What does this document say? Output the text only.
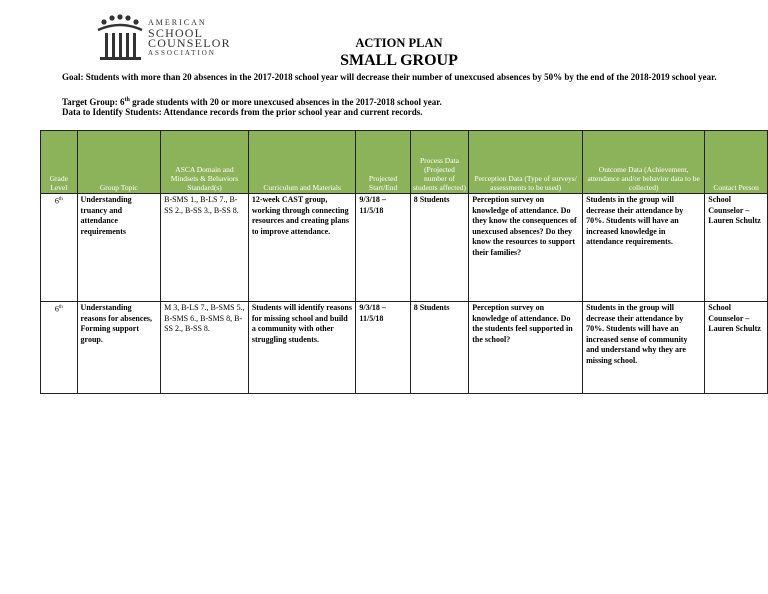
AMERICAN
SCHOOL
COUNSELOR
ASSOCIATION
ACTION PLAN
SMALL GROUP
Goal: Students with more than 20 absences in the 2017-2018 school year will decrease their number of unexcused absences by 50% by the end of the 2018-2019 school year.
Target Group: 6th grade students with 20 or more unexcused absences in the 2017-2018 school year.
Data to Identify Students: Attendance records from the prior school year and current records.
Grade Level	Group Topic	ASCA Domain and Mindsets & Behaviors Standard(s)	Curriculum and Materials	Projected Start/End	Process Data (Projected number of students affected)	Perception Data (Type of surveys/ assessments to be used)	Outcome Data (Achievement, attendance and/or behavior data to be collected)	Contact Person
6th	Understanding truancy and attendance requirements	B-SMS 1., B-LS 7., B-SS 2., B-SS 3., B-SS 8.	12-week CAST group, working through connecting resources and creating plans to improve attendance.	9/3/18 – 11/5/18	8 Students	Perception survey on knowledge of attendance. Do they know the consequences of unexcused absences? Do they know the resources to support their families?	Students in the group will decrease their attendance by 70%. Students will have an increased knowledge in attendance requirements.	School Counselor – Lauren Schultz
6th	Understanding reasons for absences, Forming support group.	M 3, B-LS 7., B-SMS 5., B-SMS 6., B-SMS 8, B-SS 2., B-SS 8.	Students will identify reasons for missing school and build a community with other struggling students.	9/3/18 – 11/5/18	8 Students	Perception survey on knowledge of attendance. Do the students feel supported in the school?	Students in the group will decrease their attendance by 70%. Students will have an increased sense of community and understand why they are missing school.	School Counselor – Lauren Schultz
